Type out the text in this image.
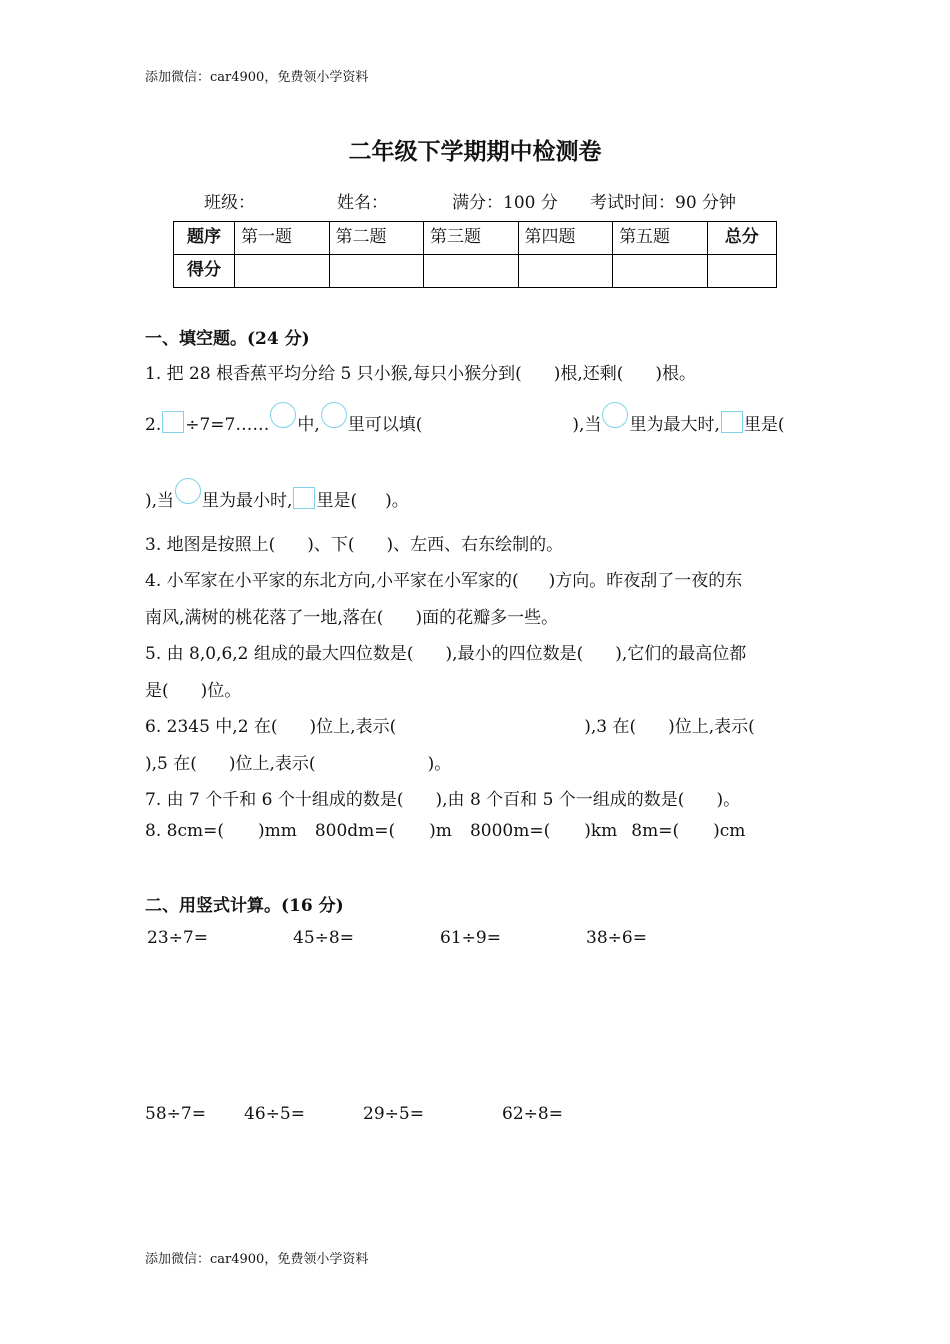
添加微信：car4900，免费领小学资料
二年级下学期期中检测卷
班级：	姓名：	满分：100 分 考试时间：90 分钟
题序	第一题	第二题	第三题	第四题	第五题	总分
得分						
一、填空题。(24 分)
1. 把 28 根香蕉平均分给 5 只小猴,每只小猴分到( )根,还剩( )根。
2. ÷7=7…… 中, 里可以填(	),当 里为最大时, 里是(
),当 里为最小时, 里是( )。
3. 地图是按照上( )、下( )、左西、右东绘制的。
4. 小军家在小平家的东北方向,小平家在小军家的( )方向。昨夜刮了一夜的东
南风,满树的桃花落了一地,落在( )面的花瓣多一些。
5. 由 8,0,6,2 组成的最大四位数是( ),最小的四位数是( ),它们的最高位都
是( )位。
6. 2345 中,2 在( )位上,表示(	),3 在( )位上,表示(
),5 在( )位上,表示(	)。
7. 由 7 个千和 6 个十组成的数是( ),由 8 个百和 5 个一组成的数是( )。
8. 8cm=( )mm 800dm=( )m 8000m=( )km 8m=( )cm
二、用竖式计算。(16 分)
23÷7=	45÷8=	61÷9=	38÷6=
58÷7= 46÷5=	29÷5=	62÷8=
添加微信：car4900，免费领小学资料
